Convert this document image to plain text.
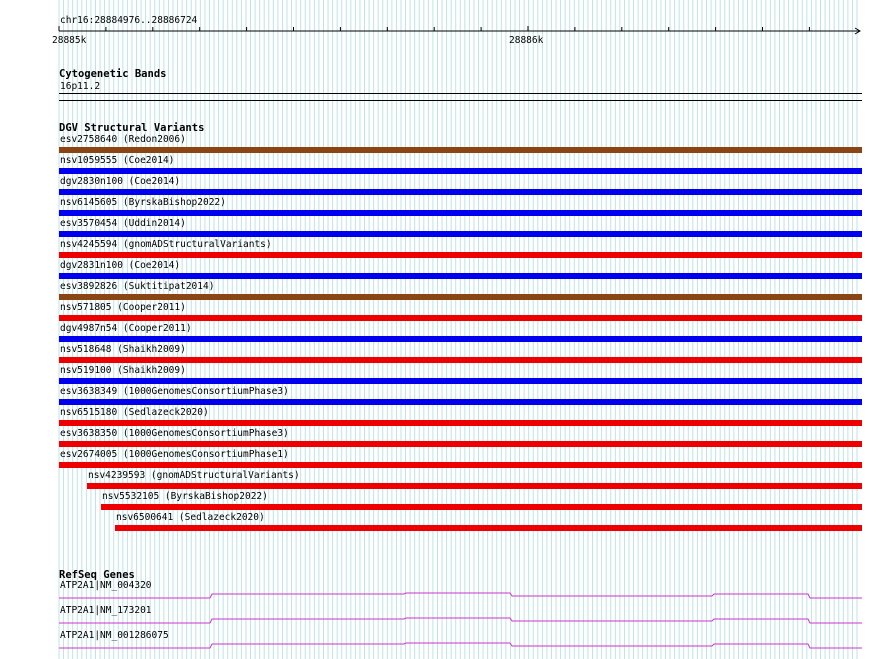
chr16:28884976..28886724
28885k	28886k
Cytogenetic Bands
16p11.2
DGV Structural Variants
esv2758640 (Redon2006)
nsv1059555 (Coe2014)
dgv2830n100 (Coe2014)
nsv6145605 (ByrskaBishop2022)
esv3570454 (Uddin2014)
nsv4245594 (gnomADStructuralVariants)
dgv2831n100 (Coe2014)
esv3892826 (Suktitipat2014)
nsv571805 (Cooper2011)
dgv4987n54 (Cooper2011)
nsv518648 (Shaikh2009)
nsv519100 (Shaikh2009)
esv3638349 (1000GenomesConsortiumPhase3)
nsv6515180 (Sedlazeck2020)
esv3638350 (1000GenomesConsortiumPhase3)
esv2674005 (1000GenomesConsortiumPhase1)
nsv4239593 (gnomADStructuralVariants)
nsv5532105 (ByrskaBishop2022)
nsv6500641 (Sedlazeck2020)
RefSeq Genes
ATP2A1|NM_004320
ATP2A1|NM_173201
ATP2A1|NM_001286075
